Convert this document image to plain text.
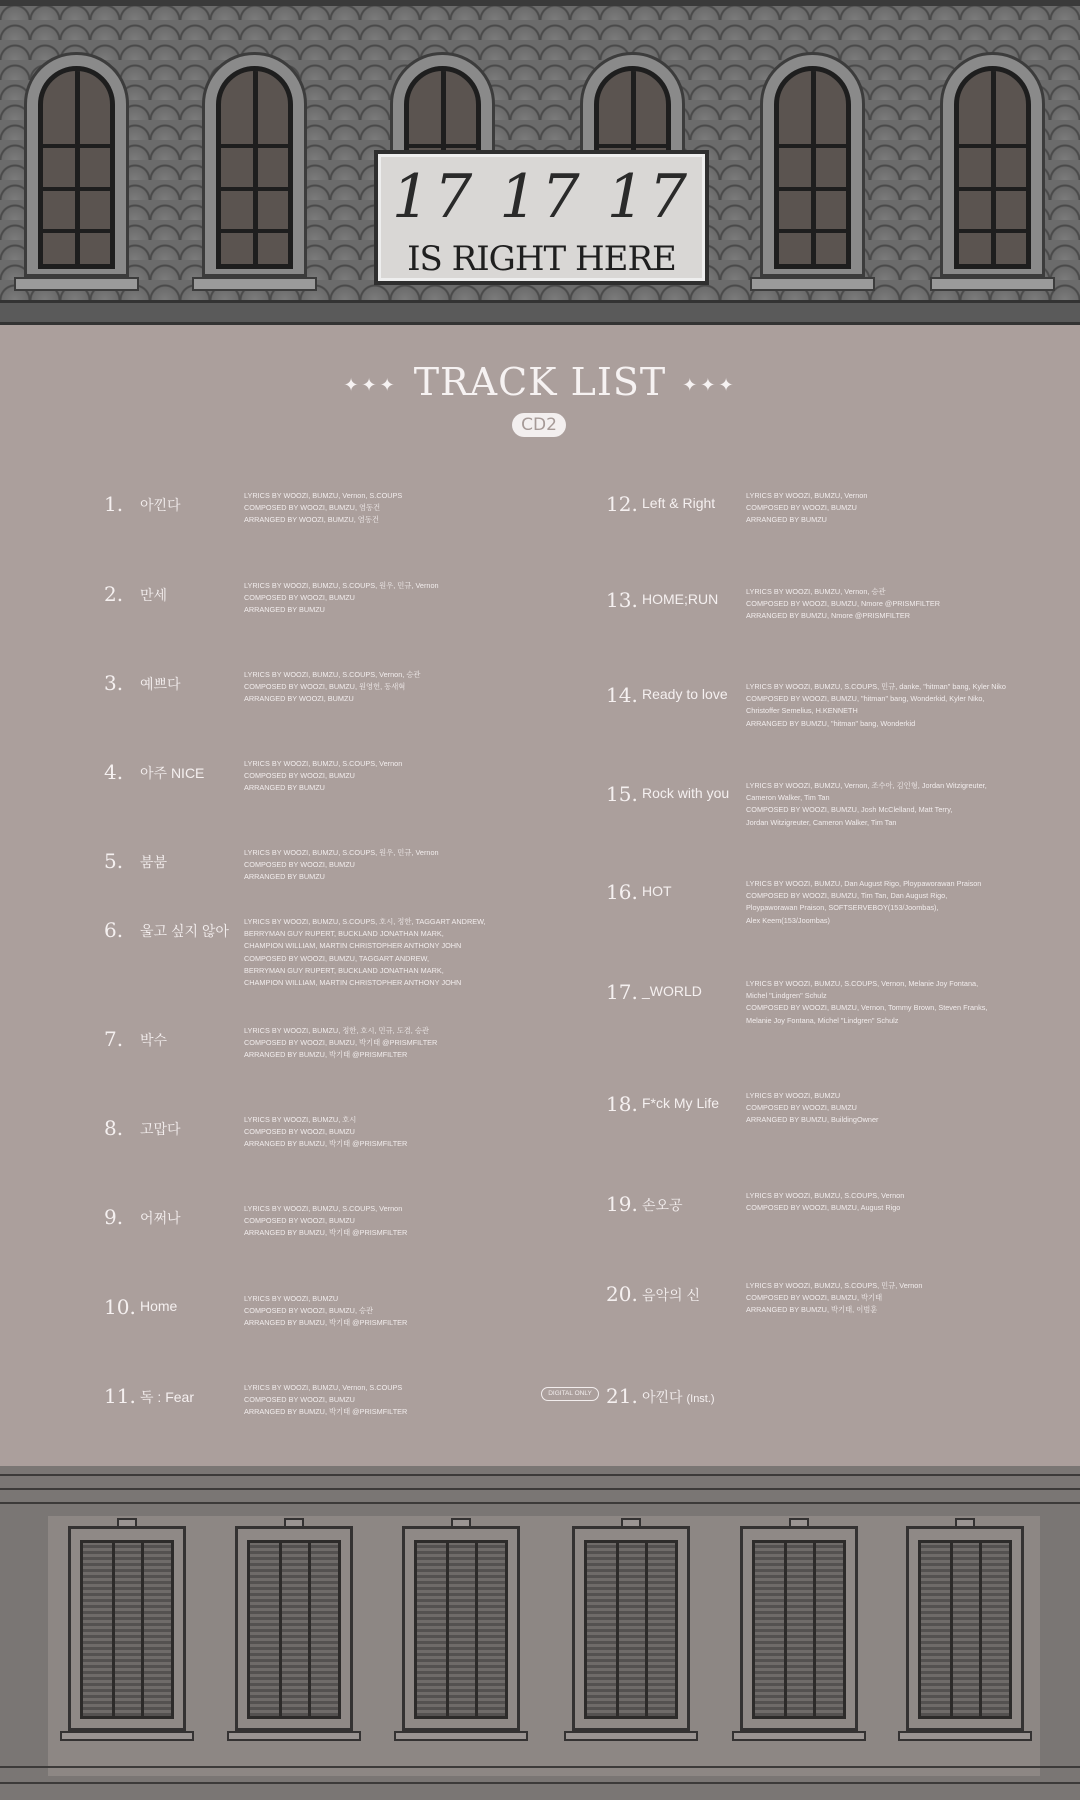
17 17 17
IS RIGHT HERE
✦✦✦ TRACK LIST ✦✦✦
CD2
1. 아낀다
LYRICS BY WOOZI, BUMZU, Vernon, S.COUPS
COMPOSED BY WOOZI, BUMZU, 염동건
ARRANGED BY WOOZI, BUMZU, 염동건
2. 만세
LYRICS BY WOOZI, BUMZU, S.COUPS, 원우, 민규, Vernon
COMPOSED BY WOOZI, BUMZU
ARRANGED BY BUMZU
3. 예쁘다
LYRICS BY WOOZI, BUMZU, S.COUPS, Vernon, 승관
COMPOSED BY WOOZI, BUMZU, 원영헌, 동새혁
ARRANGED BY WOOZI, BUMZU
4. 아주 NICE
LYRICS BY WOOZI, BUMZU, S.COUPS, Vernon
COMPOSED BY WOOZI, BUMZU
ARRANGED BY BUMZU
5. 붐붐
LYRICS BY WOOZI, BUMZU, S.COUPS, 원우, 민규, Vernon
COMPOSED BY WOOZI, BUMZU
ARRANGED BY BUMZU
6. 울고 싶지 않아
LYRICS BY WOOZI, BUMZU, S.COUPS, 호시, 정한, TAGGART ANDREW,
BERRYMAN GUY RUPERT, BUCKLAND JONATHAN MARK,
CHAMPION WILLIAM, MARTIN CHRISTOPHER ANTHONY JOHN
COMPOSED BY WOOZI, BUMZU, TAGGART ANDREW,
BERRYMAN GUY RUPERT, BUCKLAND JONATHAN MARK,
CHAMPION WILLIAM, MARTIN CHRISTOPHER ANTHONY JOHN
7. 박수
LYRICS BY WOOZI, BUMZU, 정한, 호시, 민규, 도겸, 승관
COMPOSED BY WOOZI, BUMZU, 박기태 @PRISMFILTER
ARRANGED BY BUMZU, 박기태 @PRISMFILTER
8. 고맙다
LYRICS BY WOOZI, BUMZU, 호시
COMPOSED BY WOOZI, BUMZU
ARRANGED BY BUMZU, 박기태 @PRISMFILTER
9. 어쩌나
LYRICS BY WOOZI, BUMZU, S.COUPS, Vernon
COMPOSED BY WOOZI, BUMZU
ARRANGED BY BUMZU, 박기태 @PRISMFILTER
10. Home	LYRICS BY WOOZI, BUMZU
COMPOSED BY WOOZI, BUMZU, 승관
ARRANGED BY BUMZU, 박기태 @PRISMFILTER
11. 독 : Fear
LYRICS BY WOOZI, BUMZU, Vernon, S.COUPS
COMPOSED BY WOOZI, BUMZU
ARRANGED BY BUMZU, 박기태 @PRISMFILTER
12. Left & Right	LYRICS BY WOOZI, BUMZU, Vernon
COMPOSED BY WOOZI, BUMZU
ARRANGED BY BUMZU
13. HOME;RUN	LYRICS BY WOOZI, BUMZU, Vernon, 승관
COMPOSED BY WOOZI, BUMZU, Nmore @PRISMFILTER
ARRANGED BY BUMZU, Nmore @PRISMFILTER
14. Ready to love	LYRICS BY WOOZI, BUMZU, S.COUPS, 민규, danke, "hitman" bang, Kyler Niko
COMPOSED BY WOOZI, BUMZU, "hitman" bang, Wonderkid, Kyler Niko,
Christoffer Semelius, H.KENNETH
ARRANGED BY BUMZU, "hitman" bang, Wonderkid
15. Rock with you LYRICS BY WOOZI, BUMZU, Vernon, 조수아, 김인형, Jordan Witzigreuter,
Cameron Walker, Tim Tan
COMPOSED BY WOOZI, BUMZU, Josh McClelland, Matt Terry,
Jordan Witzigreuter, Cameron Walker, Tim Tan
16. HOT	LYRICS BY WOOZI, BUMZU, Dan August Rigo, Ploypaworawan Praison
COMPOSED BY WOOZI, BUMZU, Tim Tan, Dan August Rigo,
Ploypaworawan Praison, SOFTSERVEBOY(153/Joombas),
Alex Keem(153/Joombas)
17. _WORLD	LYRICS BY WOOZI, BUMZU, S.COUPS, Vernon, Melanie Joy Fontana,
Michel "Lindgren" Schulz
COMPOSED BY WOOZI, BUMZU, Vernon, Tommy Brown, Steven Franks,
Melanie Joy Fontana, Michel "Lindgren" Schulz
18. F*ck My Life	LYRICS BY WOOZI, BUMZU
COMPOSED BY WOOZI, BUMZU
ARRANGED BY BUMZU, BuildingOwner
19. 손오공
LYRICS BY WOOZI, BUMZU, S.COUPS, Vernon
COMPOSED BY WOOZI, BUMZU, August Rigo
20. 음악의 신
LYRICS BY WOOZI, BUMZU, S.COUPS, 민규, Vernon
COMPOSED BY WOOZI, BUMZU, 박기태
ARRANGED BY BUMZU, 박기태, 이범훈
21. 아낀다 (Inst.)
DIGITAL ONLY
